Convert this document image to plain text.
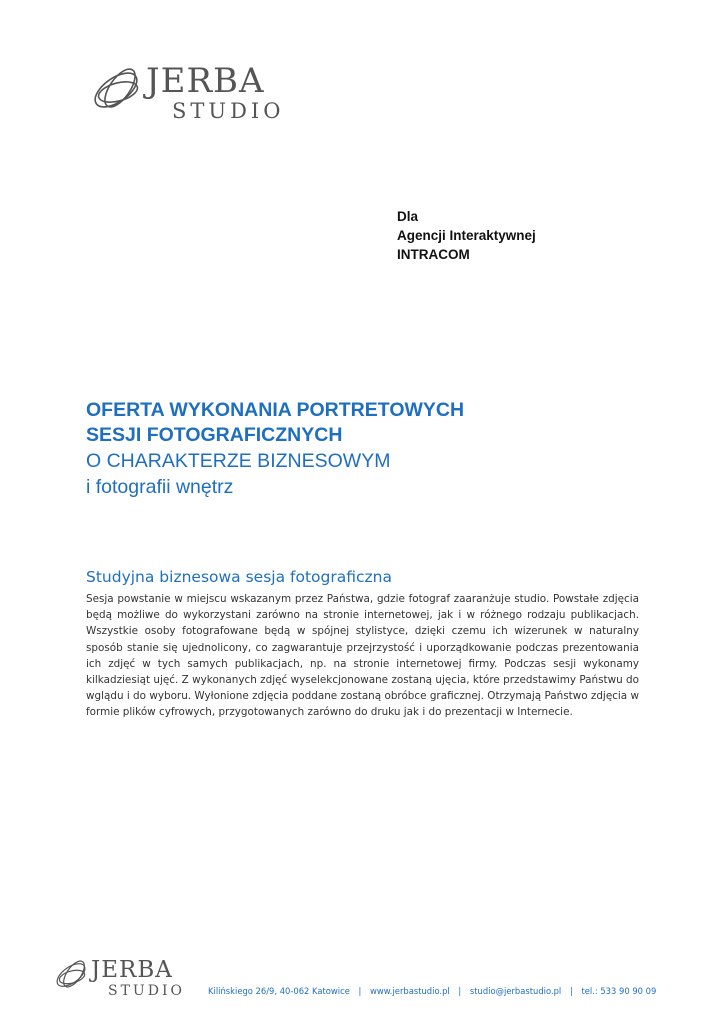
JERBA
STUDIO
Dla
Agencji Interaktywnej
INTRACOM
OFERTA WYKONANIA PORTRETOWYCH
SESJI FOTOGRAFICZNYCH
O CHARAKTERZE BIZNESOWYM
i fotografii wnętrz
Studyjna biznesowa sesja fotograficzna

Sesja powstanie w miejscu wskazanym przez Państwa, gdzie fotograf zaaranżuje studio. Powstałe zdjęcia będą możliwe do wykorzystani zarówno na stronie internetowej, jak i w różnego rodzaju publikacjach. Wszystkie osoby fotografowane będą w spójnej stylistyce, dzięki czemu ich wizerunek w naturalny sposób stanie się ujednolicony, co zagwarantuje przejrzystość i uporządkowanie podczas prezentowania ich zdjęć w tych samych publikacjach, np. na stronie internetowej firmy. Podczas sesji wykonamy kilkadziesiąt ujęć. Z wykonanych zdjęć wyselekcjonowane zostaną ujęcia, które przedstawimy Państwu do wglądu i do wyboru. Wyłonione zdjęcia poddane zostaną obróbce graficznej. Otrzymają Państwo zdjęcia w formie plików cyfrowych, przygotowanych zarówno do druku jak i do prezentacji w Internecie.

JERBA
STUDIO	Kilińskiego 26/9, 40-062 Katowice | www.jerbastudio.pl | studio@jerbastudio.pl | tel.: 533 90 90 09
